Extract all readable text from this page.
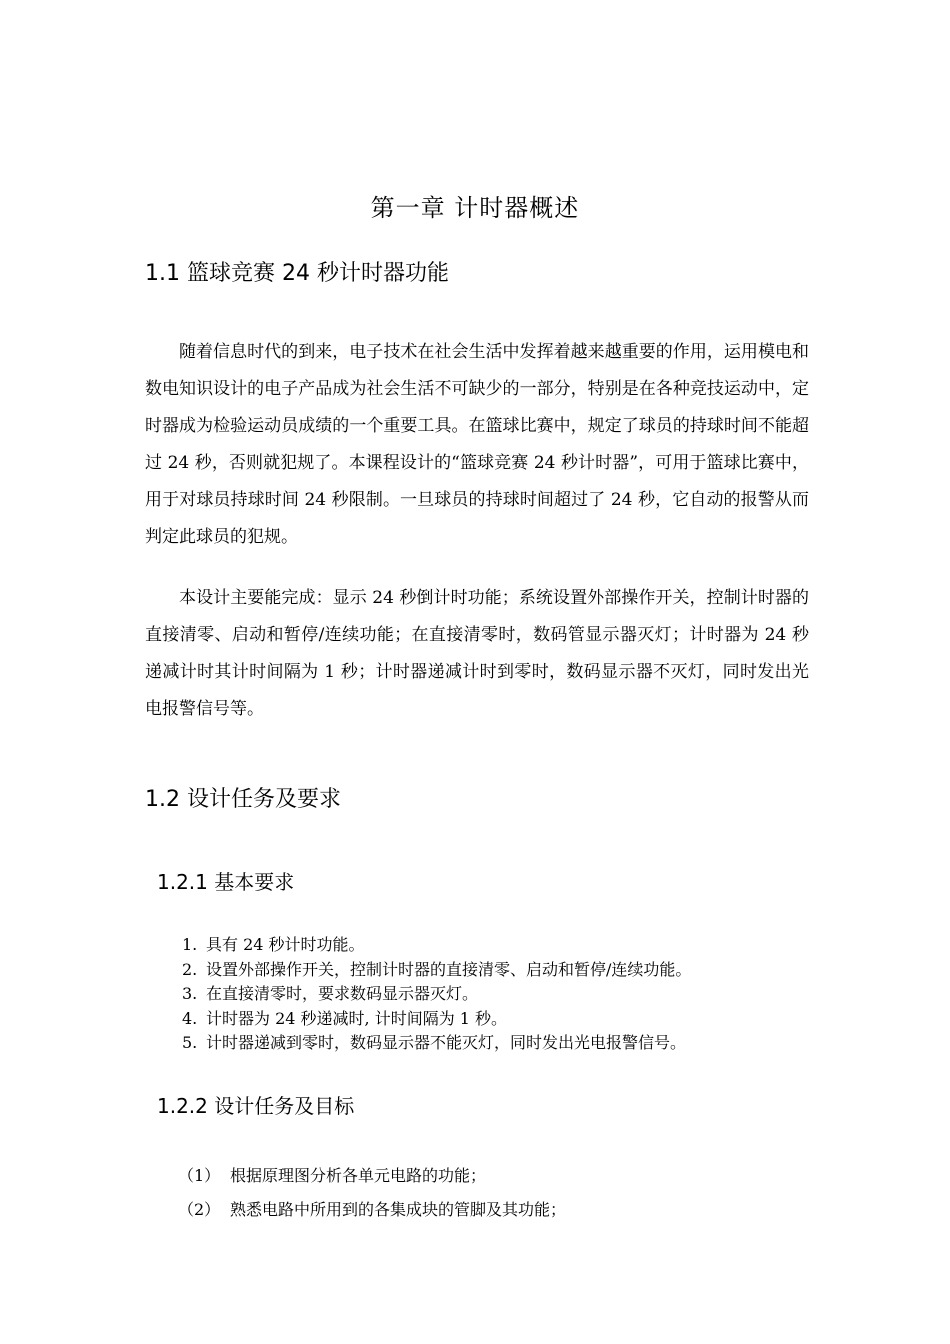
第一章 计时器概述
1.1 篮球竞赛 24 秒计时器功能

随着信息时代的到来，电子技术在社会生活中发挥着越来越重要的作用，运用模电和数电知识设计的电子产品成为社会生活不可缺少的一部分，特别是在各种竞技运动中，定时器成为检验运动员成绩的一个重要工具。在篮球比赛中，规定了球员的持球时间不能超过 24 秒，否则就犯规了。本课程设计的“篮球竞赛 24 秒计时器”，可用于篮球比赛中，用于对球员持球时间 24 秒限制。一旦球员的持球时间超过了 24 秒，它自动的报警从而判定此球员的犯规。

本设计主要能完成：显示 24 秒倒计时功能；系统设置外部操作开关，控制计时器的直接清零、启动和暂停/连续功能；在直接清零时，数码管显示器灭灯；计时器为 24 秒递减计时其计时间隔为 1 秒；计时器递减计时到零时，数码显示器不灭灯，同时发出光电报警信号等。

1.2 设计任务及要求
1.2.1 基本要求
1. 具有 24 秒计时功能。
2. 设置外部操作开关，控制计时器的直接清零、启动和暂停/连续功能。
3. 在直接清零时，要求数码显示器灭灯。
4. 计时器为 24 秒递减时, 计时间隔为 1 秒。
5. 计时器递减到零时，数码显示器不能灭灯，同时发出光电报警信号。
1.2.2 设计任务及目标
（1） 根据原理图分析各单元电路的功能；
（2） 熟悉电路中所用到的各集成块的管脚及其功能；
